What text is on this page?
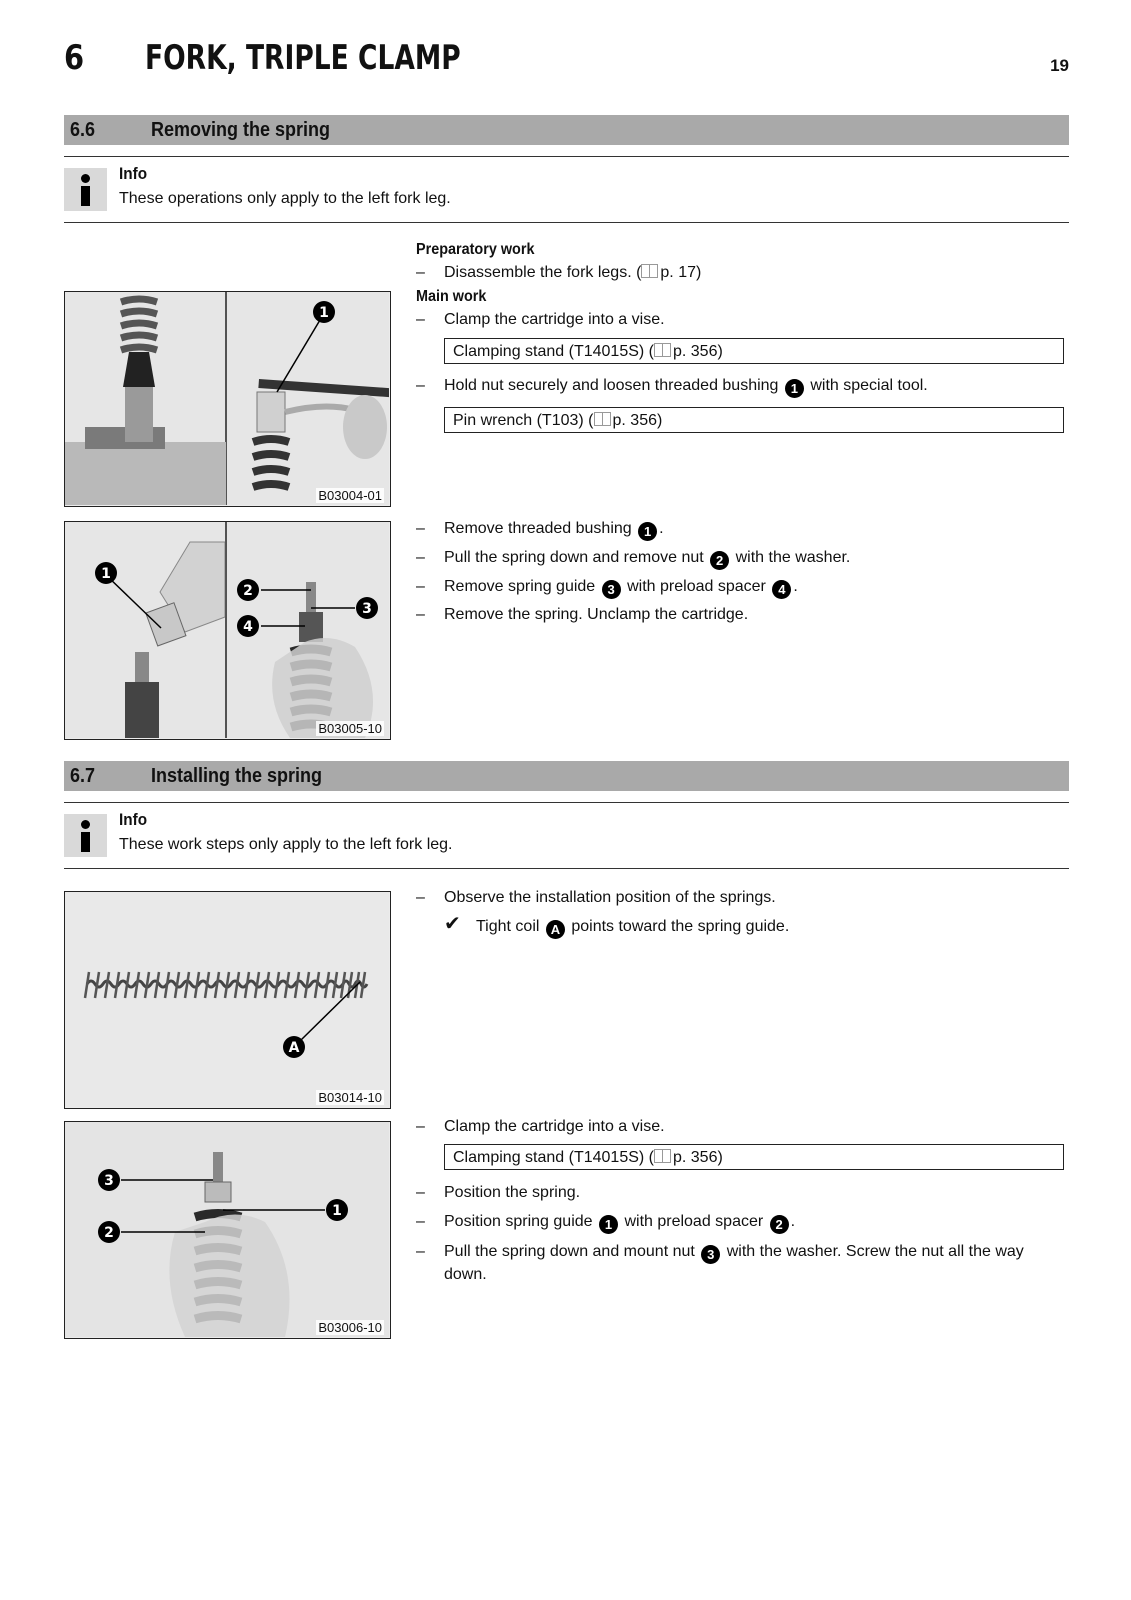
6 FORK, TRIPLE CLAMP	19
6.6	Removing the spring
Info
These operations only apply to the left fork leg.
Preparatory work
– Disassemble the fork legs. ( p. 17)
Main work
– Clamp the cartridge into a vise.
Clamping stand (T14015S) ( p. 356)
– Hold nut securely and loosen threaded bushing 1 with special tool.
Pin wrench (T103) ( p. 356)
– Remove threaded bushing 1 .
– Pull the spring down and remove nut 2 with the washer.
– Remove spring guide 3 with preload spacer 4 .
– Remove the spring. Unclamp the cartridge.
1
B03004-01
1
2
4
3
B03005-10
6.7	Installing the spring
Info
These work steps only apply to the left fork leg.
– Observe the installation position of the springs.
✔ Tight coil A points toward the spring guide.
– Clamp the cartridge into a vise.
Clamping stand (T14015S) ( p. 356)
– Position the spring.
– Position spring guide 1 with preload spacer 2 .
– Pull the spring down and mount nut 3 with the washer. Screw the nut all the way down.
A
B03014-10
3
2
1
B03006-10
